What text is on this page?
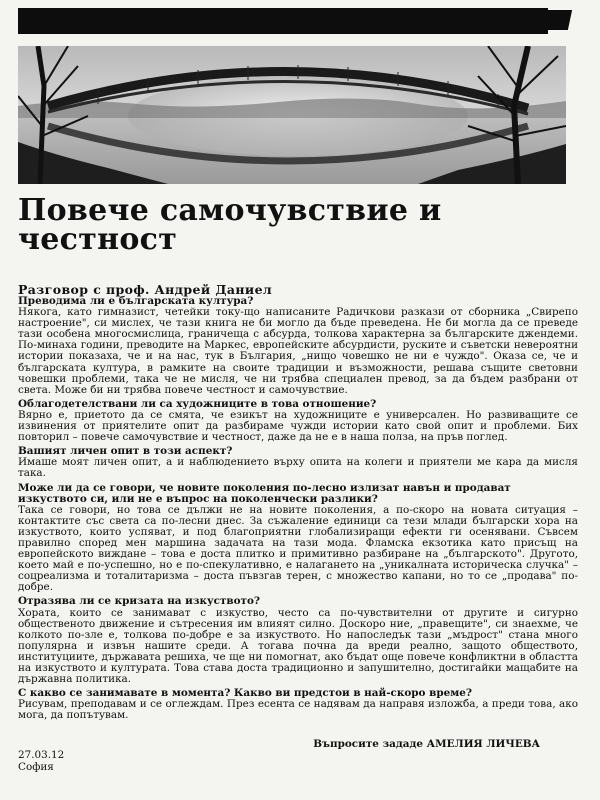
Повече самочувствие и честност
Разговор с проф. Андрей Даниел
Преводима ли е българската култура?
Някога, като гимназист, четейки току-що написаните Радичкови разкази от сборника „Свирепо настроение", си мислех, че тази книга не би могло да бъде преведена. Не би могла да се преведе тази особена многосмислица, граничеща с абсурда, толкова характерна за българските джендеми. По-минаха години, преводите на Маркес, европейските абсурдисти, руските и съветски невероятни истории показаха, че и на нас, тук в България, „нищо човешко не ни е чуждо". Оказа се, че и българската култура, в рамките на своите традиции и възможности, решава същите световни човешки проблеми, така че не мисля, че ни трябва специален превод, за да бъдем разбрани от света. Може би ни трябва повече честност и самочувствие.
Облагодетелствани ли са художниците в това отношение?
Вярно е, приетото да се смята, че езикът на художниците е универсален. Но развиващите се извинения от приятелите опит да разбираме чужди истории като свой опит и проблеми. Бих повторил – повече самочувствие и честност, даже да не е в наша полза, на пръв поглед.
Вашият личен опит в този аспект?
Имаше моят личен опит, а и наблюдението върху опита на колеги и приятели ме кара да мисля така.
Може ли да се говори, че новите поколения по-лесно излизат навън и продават изкуството си, или не е въпрос на поколенчески разлики?
Така се говори, но това се дължи не на новите поколения, а по-скоро на новата ситуация – контактите със света са по-лесни днес. За съжаление единици са тези млади български хора на изкуството, които успяват, и под благоприятни глобализиращи ефекти ги осенявани. Съвсем правилно според мен маршина задачата на тази мода. Фламска екзотика като присъщ на европейското виждане – това е доста плитко и примитивно разбиране на „българското". Другото, което май е по-успешно, но е по-спекулативно, е налагането на „уникалната историческа случка" – соцреализма и тоталитаризма – доста пъвзгав терен, с множество капани, но то се „продава" по-добре.
Отразява ли се кризата на изкуството?
Хората, които се занимават с изкуство, често са по-чувствителни от другите и сигурно общественото движение и сътресения им влияят силно. Доскоро ние, „правещите", си знаехме, че колкото по-зле е, толкова по-добре е за изкуството. Но напоследък тази „мъдрост" стана много популярна и извън нашите среди. А тогава почна да вреди реално, защото обществото, институциите, държавата решиха, че ще ни помогнат, ако бъдат още повече конфликтни в областта на изкуството и културата. Това става доста традиционно и запушително, достигайки мащабите на държавна политика.
С какво се занимавате в момента? Какво ви предстои в най-скоро време?
Рисувам, преподавам и се оглеждам. През есента се надявам да направя изложба, а преди това, ако мога, да попътувам.
Въпросите зададе АМЕЛИЯ ЛИЧЕВА
27.03.12
София
